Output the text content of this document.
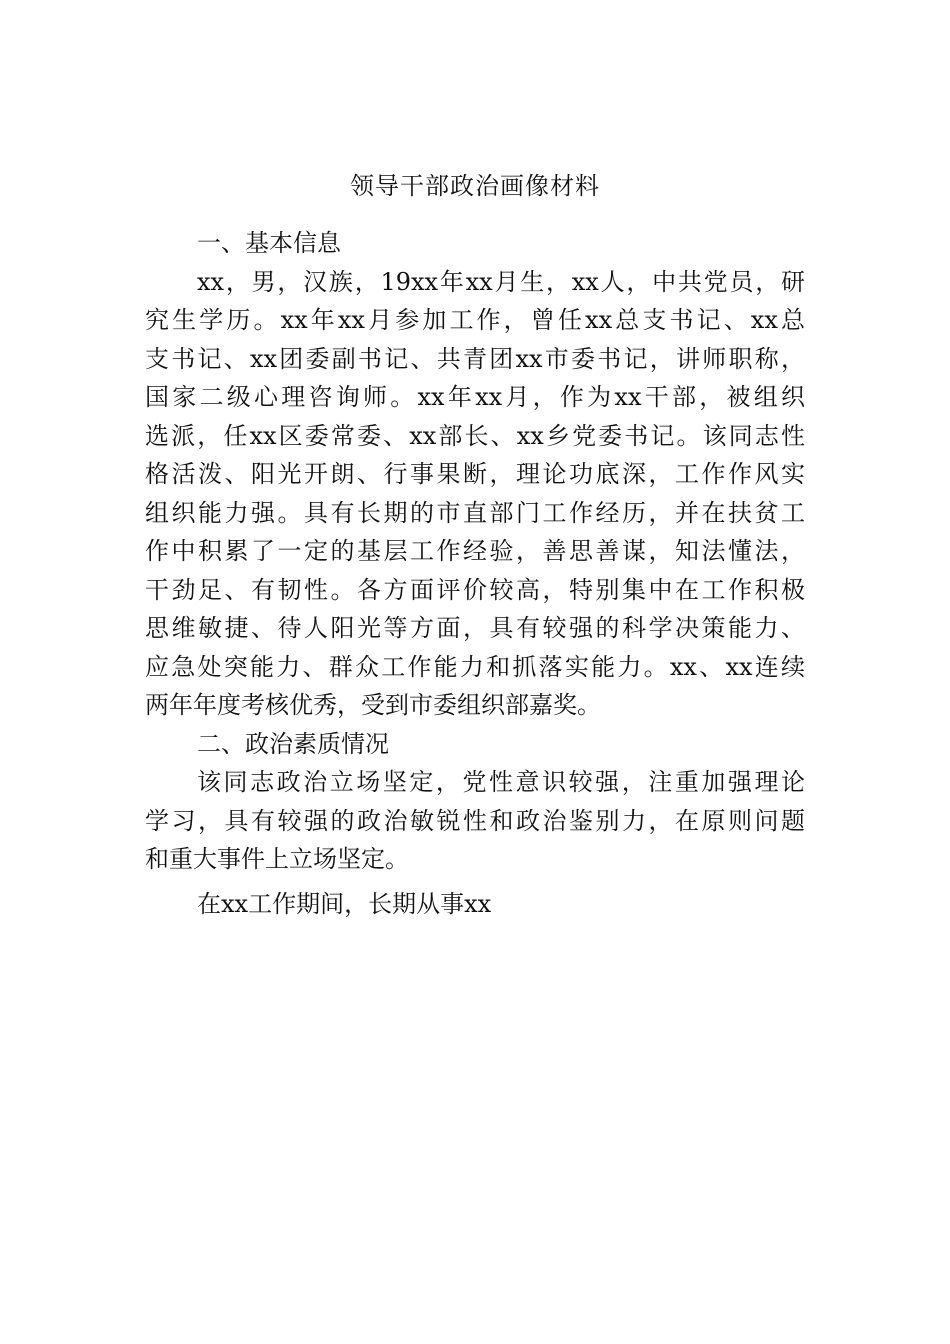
领导干部政治画像材料
一、基本信息
xx，男，汉族，19xx年xx月生，xx人，中共党员，研
究生学历。xx年xx月参加工作，曾任xx总支书记、xx总
支书记、xx团委副书记、共青团xx市委书记，讲师职称，
国家二级心理咨询师。xx年xx月，作为xx干部，被组织
选派，任xx区委常委、xx部长、xx乡党委书记。该同志性
格活泼、阳光开朗、行事果断，理论功底深，工作作风实
组织能力强。具有长期的市直部门工作经历，并在扶贫工
作中积累了一定的基层工作经验，善思善谋，知法懂法，
干劲足、有韧性。各方面评价较高，特别集中在工作积极
思维敏捷、待人阳光等方面，具有较强的科学决策能力、
应急处突能力、群众工作能力和抓落实能力。xx、xx连续
两年年度考核优秀，受到市委组织部嘉奖。
二、政治素质情况
该同志政治立场坚定，党性意识较强，注重加强理论
学习，具有较强的政治敏锐性和政治鉴别力，在原则问题
和重大事件上立场坚定。
在xx工作期间，长期从事xx
